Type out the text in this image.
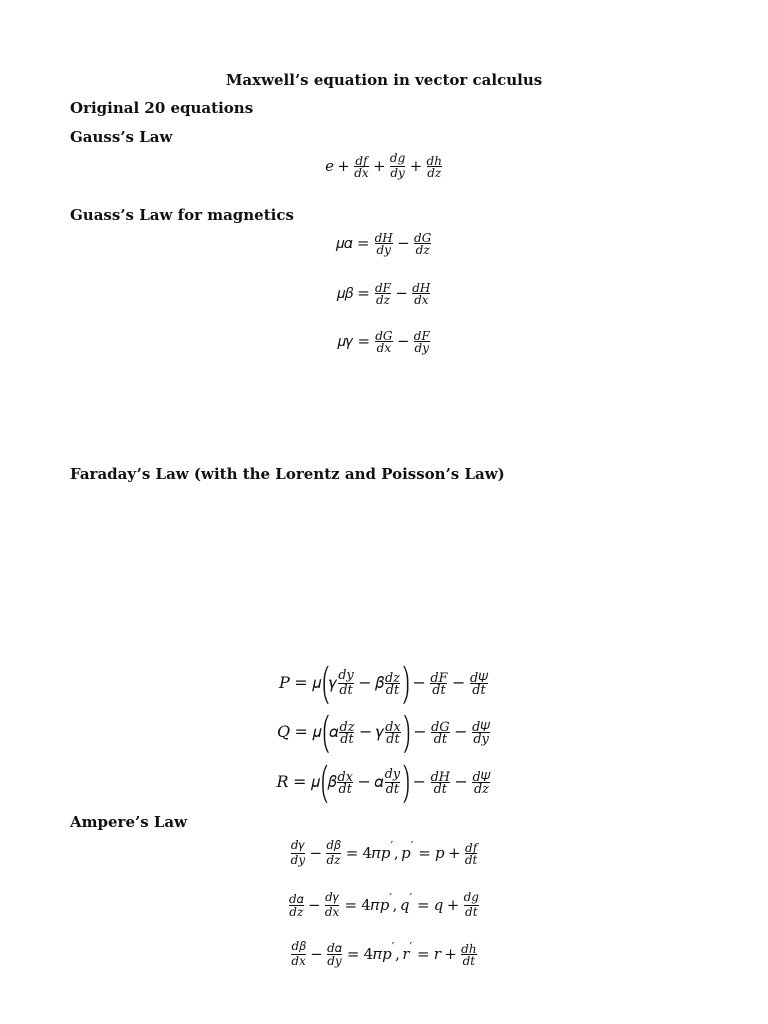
Maxwell’s equation in vector calculus
Original 20 equations
Gauss’s Law
𝑒 + d f
𝑑 x + d g
𝑑 y + d h
𝑑 z
Guass’s Law for magnetics
𝜇 α = d H
𝑑 y − d G
𝑑 z
𝜇 β = d F
𝑑 z − d H
𝑑 x
𝜇 γ = d G
𝑑 x − d F
𝑑 y
Faraday’s Law (with the Lorentz and Poisson’s Law)
𝑃 = μ ( γ d y
𝑑 t − β d z
𝑑 t
) − d F
𝑑 t − d Ψ
𝑑 t
𝑄 = μ ( α d z
𝑑 t − γ d x
𝑑 t
) − d G
𝑑 t − d Ψ
𝑑 y
𝑅 = μ ( β d x
𝑑 t − α d y
𝑑 t
) − d H
𝑑 t − d Ψ
𝑑 z
Ampere’s Law
𝑑 γ
𝑑 y − d β
𝑑 z = 4 π p ′ , p ′ = p + d f
𝑑 t
𝑑 α
𝑑 z − d γ
𝑑 x = 4 π p ′ , q ′ = q + d g
𝑑 t
𝑑 β
𝑑 x − d α
𝑑 y = 4 π p ′ , r ′ = r + d h
𝑑 t
